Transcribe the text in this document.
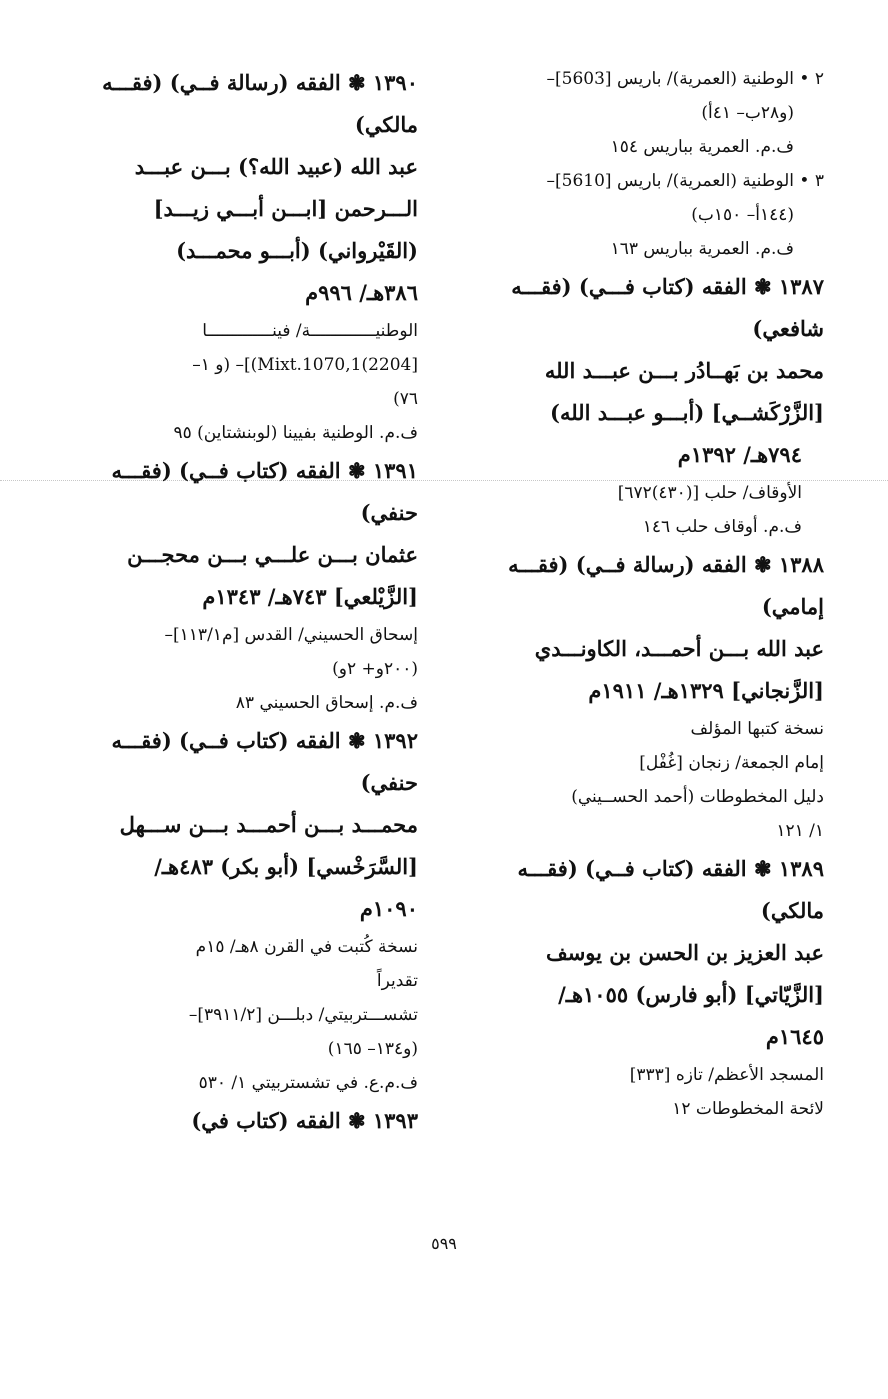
٢ • الوطنية (العمرية)/ باريس [5603]–
(و٢٨ب– ٤١أ)
ف.م. العمرية بباريس ١٥٤
٣ • الوطنية (العمرية)/ باريس [5610]–
(١٤٤أ– ١٥٠ب)
ف.م. العمرية بباريس ١٦٣
١٣٨٧ ❃ الفقه (كتاب فـــي) (فقـــه
شافعي)
محمد بن بَهــادُر بـــن عبـــد الله
[الزَّرْكَشــي] (أبـــو عبـــد الله)
٧٩٤هـ/ ١٣٩٢م
الأوقاف/ حلب [(٤٣٠)٦٧٢]
ف.م. أوقاف حلب ١٤٦
١٣٨٨ ❃ الفقه (رسالة فــي) (فقـــه
إمامي)
عبد الله بـــن أحمـــد، الكاونـــدي
[الزَّنجاني] ١٣٢٩هـ/ ١٩١١م
نسخة كتبها المؤلف
إمام الجمعة/ زنجان [غُفْل]
دليل المخطوطات (أحمد الحســيني)
١/ ١٢١
١٣٨٩ ❃ الفقه (كتاب فــي) (فقـــه
مالكي)
عبد العزيز بن الحسن بن يوسف
[الزَّيّاتي] (أبو فارس) ١٠٥٥هـ/
١٦٤٥م
المسجد الأعظم/ تازه [٣٣٣]
لائحة المخطوطات ١٢
١٣٩٠ ❃ الفقه (رسالة فــي) (فقـــه
مالكي)
عبد الله (عبيد الله؟) بـــن عبـــد
الـــرحمن [ابـــن أبـــي زيـــد]
(القَيْرواني) (أبـــو محمـــد)
٣٨٦هـ/ ٩٩٦م
الوطنيـــــــــــــة/ فينـــــــــــــا
[2204)Mixt.1070,1)]– (و ١–
٧٦)
ف.م. الوطنية بفيينا (لوبنشتاين) ٩٥
١٣٩١ ❃ الفقه (كتاب فــي) (فقـــه
حنفي)
عثمان بـــن علـــي بـــن محجـــن
[الزَّيْلعي] ٧٤٣هـ/ ١٣٤٣م
إسحاق الحسيني/ القدس [م١١٣/١]–
(٢٠٠و+ ٢و)
ف.م. إسحاق الحسيني ٨٣
١٣٩٢ ❃ الفقه (كتاب فــي) (فقـــه
حنفي)
محمـــد بـــن أحمـــد بـــن ســـهل
[السَّرَخْسي] (أبو بكر) ٤٨٣هـ/
١٠٩٠م
نسخة كُتبت في القرن ٨هـ/ ١٥م
تقديراً
تشســـتربيتي/ دبلـــن [٣٩١١/٢]–
(و١٣٤– ١٦٥)
ف.م.ع. في تشستربيتي ١/ ٥٣٠
١٣٩٣ ❃ الفقه (كتاب في)
٥٩٩
